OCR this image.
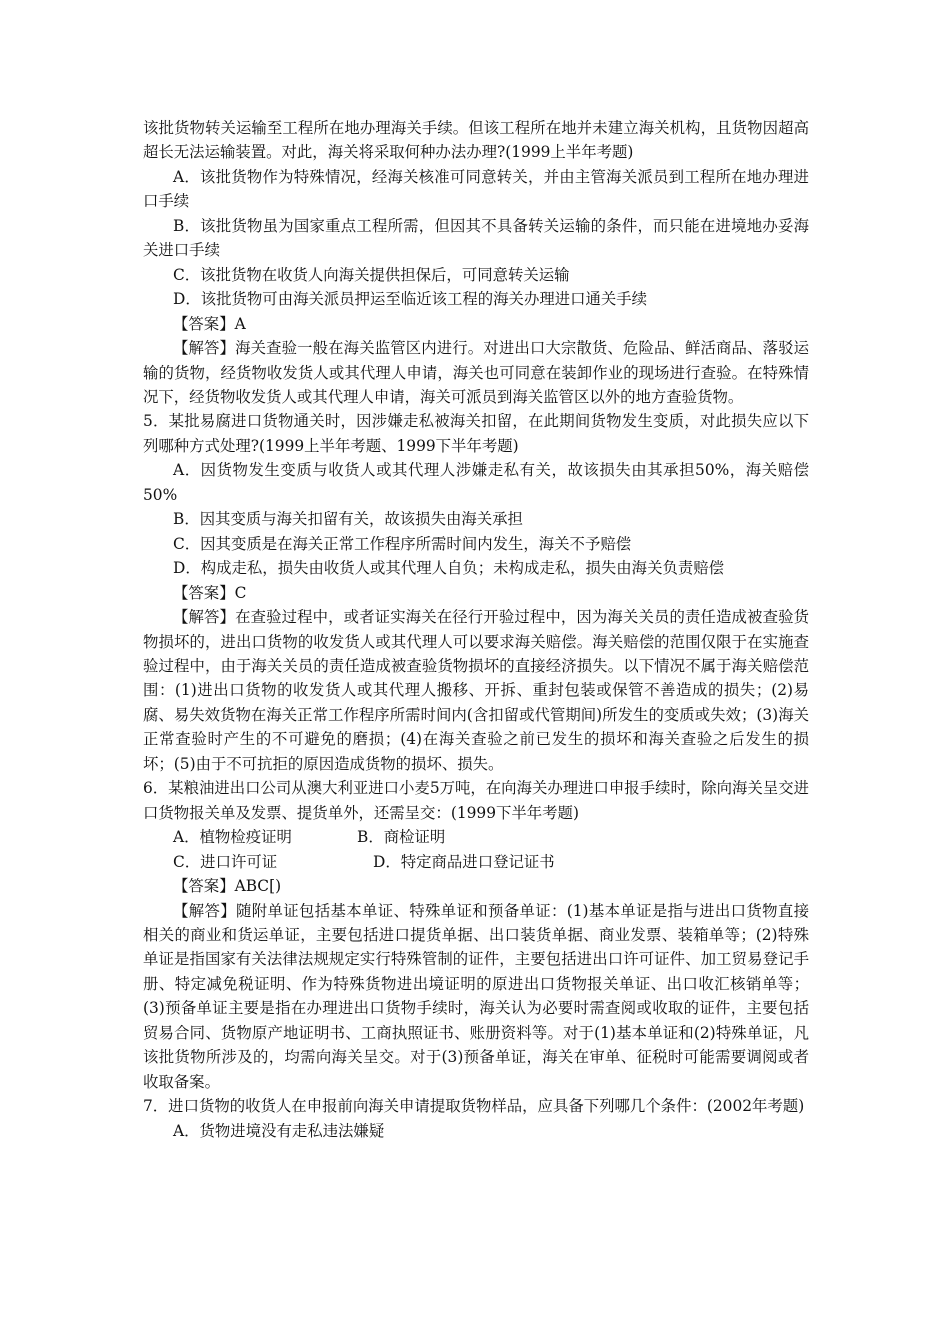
该批货物转关运输至工程所在地办理海关手续。但该工程所在地并未建立海关机构，且货物因超高超长无法运输装置。对此，海关将采取何种办法办理?(1999上半年考题)

A．该批货物作为特殊情况，经海关核准可同意转关，并由主管海关派员到工程所在地办理进口手续

B．该批货物虽为国家重点工程所需，但因其不具备转关运输的条件，而只能在进境地办妥海关进口手续

C．该批货物在收货人向海关提供担保后，可同意转关运输

D．该批货物可由海关派员押运至临近该工程的海关办理进口通关手续

【答案】A

【解答】海关查验一般在海关监管区内进行。对进出口大宗散货、危险品、鲜活商品、落驳运输的货物，经货物收发货人或其代理人申请，海关也可同意在装卸作业的现场进行查验。在特殊情况下，经货物收发货人或其代理人申请，海关可派员到海关监管区以外的地方查验货物。

5．某批易腐进口货物通关时，因涉嫌走私被海关扣留，在此期间货物发生变质，对此损失应以下列哪种方式处理?(1999上半年考题、1999下半年考题)

A．因货物发生变质与收货人或其代理人涉嫌走私有关，故该损失由其承担50%，海关赔偿50%

B．因其变质与海关扣留有关，故该损失由海关承担

C．因其变质是在海关正常工作程序所需时间内发生，海关不予赔偿

D．构成走私，损失由收货人或其代理人自负；未构成走私，损失由海关负责赔偿

【答案】C

【解答】在查验过程中，或者证实海关在径行开验过程中，因为海关关员的责任造成被查验货物损坏的，进出口货物的收发货人或其代理人可以要求海关赔偿。海关赔偿的范围仅限于在实施查验过程中，由于海关关员的责任造成被查验货物损坏的直接经济损失。以下情况不属于海关赔偿范围：(1)进出口货物的收发货人或其代理人搬移、开拆、重封包装或保管不善造成的损失；(2)易腐、易失效货物在海关正常工作程序所需时间内(含扣留或代管期间)所发生的变质或失效；(3)海关正常查验时产生的不可避免的磨损；(4)在海关查验之前已发生的损坏和海关查验之后发生的损坏；(5)由于不可抗拒的原因造成货物的损坏、损失。

6．某粮油进出口公司从澳大利亚进口小麦5万吨，在向海关办理进口申报手续时，除向海关呈交进口货物报关单及发票、提货单外，还需呈交：(1999下半年考题)

A．植物检疫证明	B．商检证明
C．进口许可证	D．特定商品进口登记证书

【答案】ABC[)

【解答】随附单证包括基本单证、特殊单证和预备单证：(1)基本单证是指与进出口货物直接相关的商业和货运单证，主要包括进口提货单据、出口装货单据、商业发票、装箱单等；(2)特殊单证是指国家有关法律法规规定实行特殊管制的证件，主要包括进出口许可证件、加工贸易登记手册、特定减免税证明、作为特殊货物进出境证明的原进出口货物报关单证、出口收汇核销单等；(3)预备单证主要是指在办理进出口货物手续时，海关认为必要时需查阅或收取的证件，主要包括贸易合同、货物原产地证明书、工商执照证书、账册资料等。对于(1)基本单证和(2)特殊单证，凡该批货物所涉及的，均需向海关呈交。对于(3)预备单证，海关在审单、征税时可能需要调阅或者收取备案。

7．进口货物的收货人在申报前向海关申请提取货物样品，应具备下列哪几个条件：(2002年考题)

A．货物进境没有走私违法嫌疑
